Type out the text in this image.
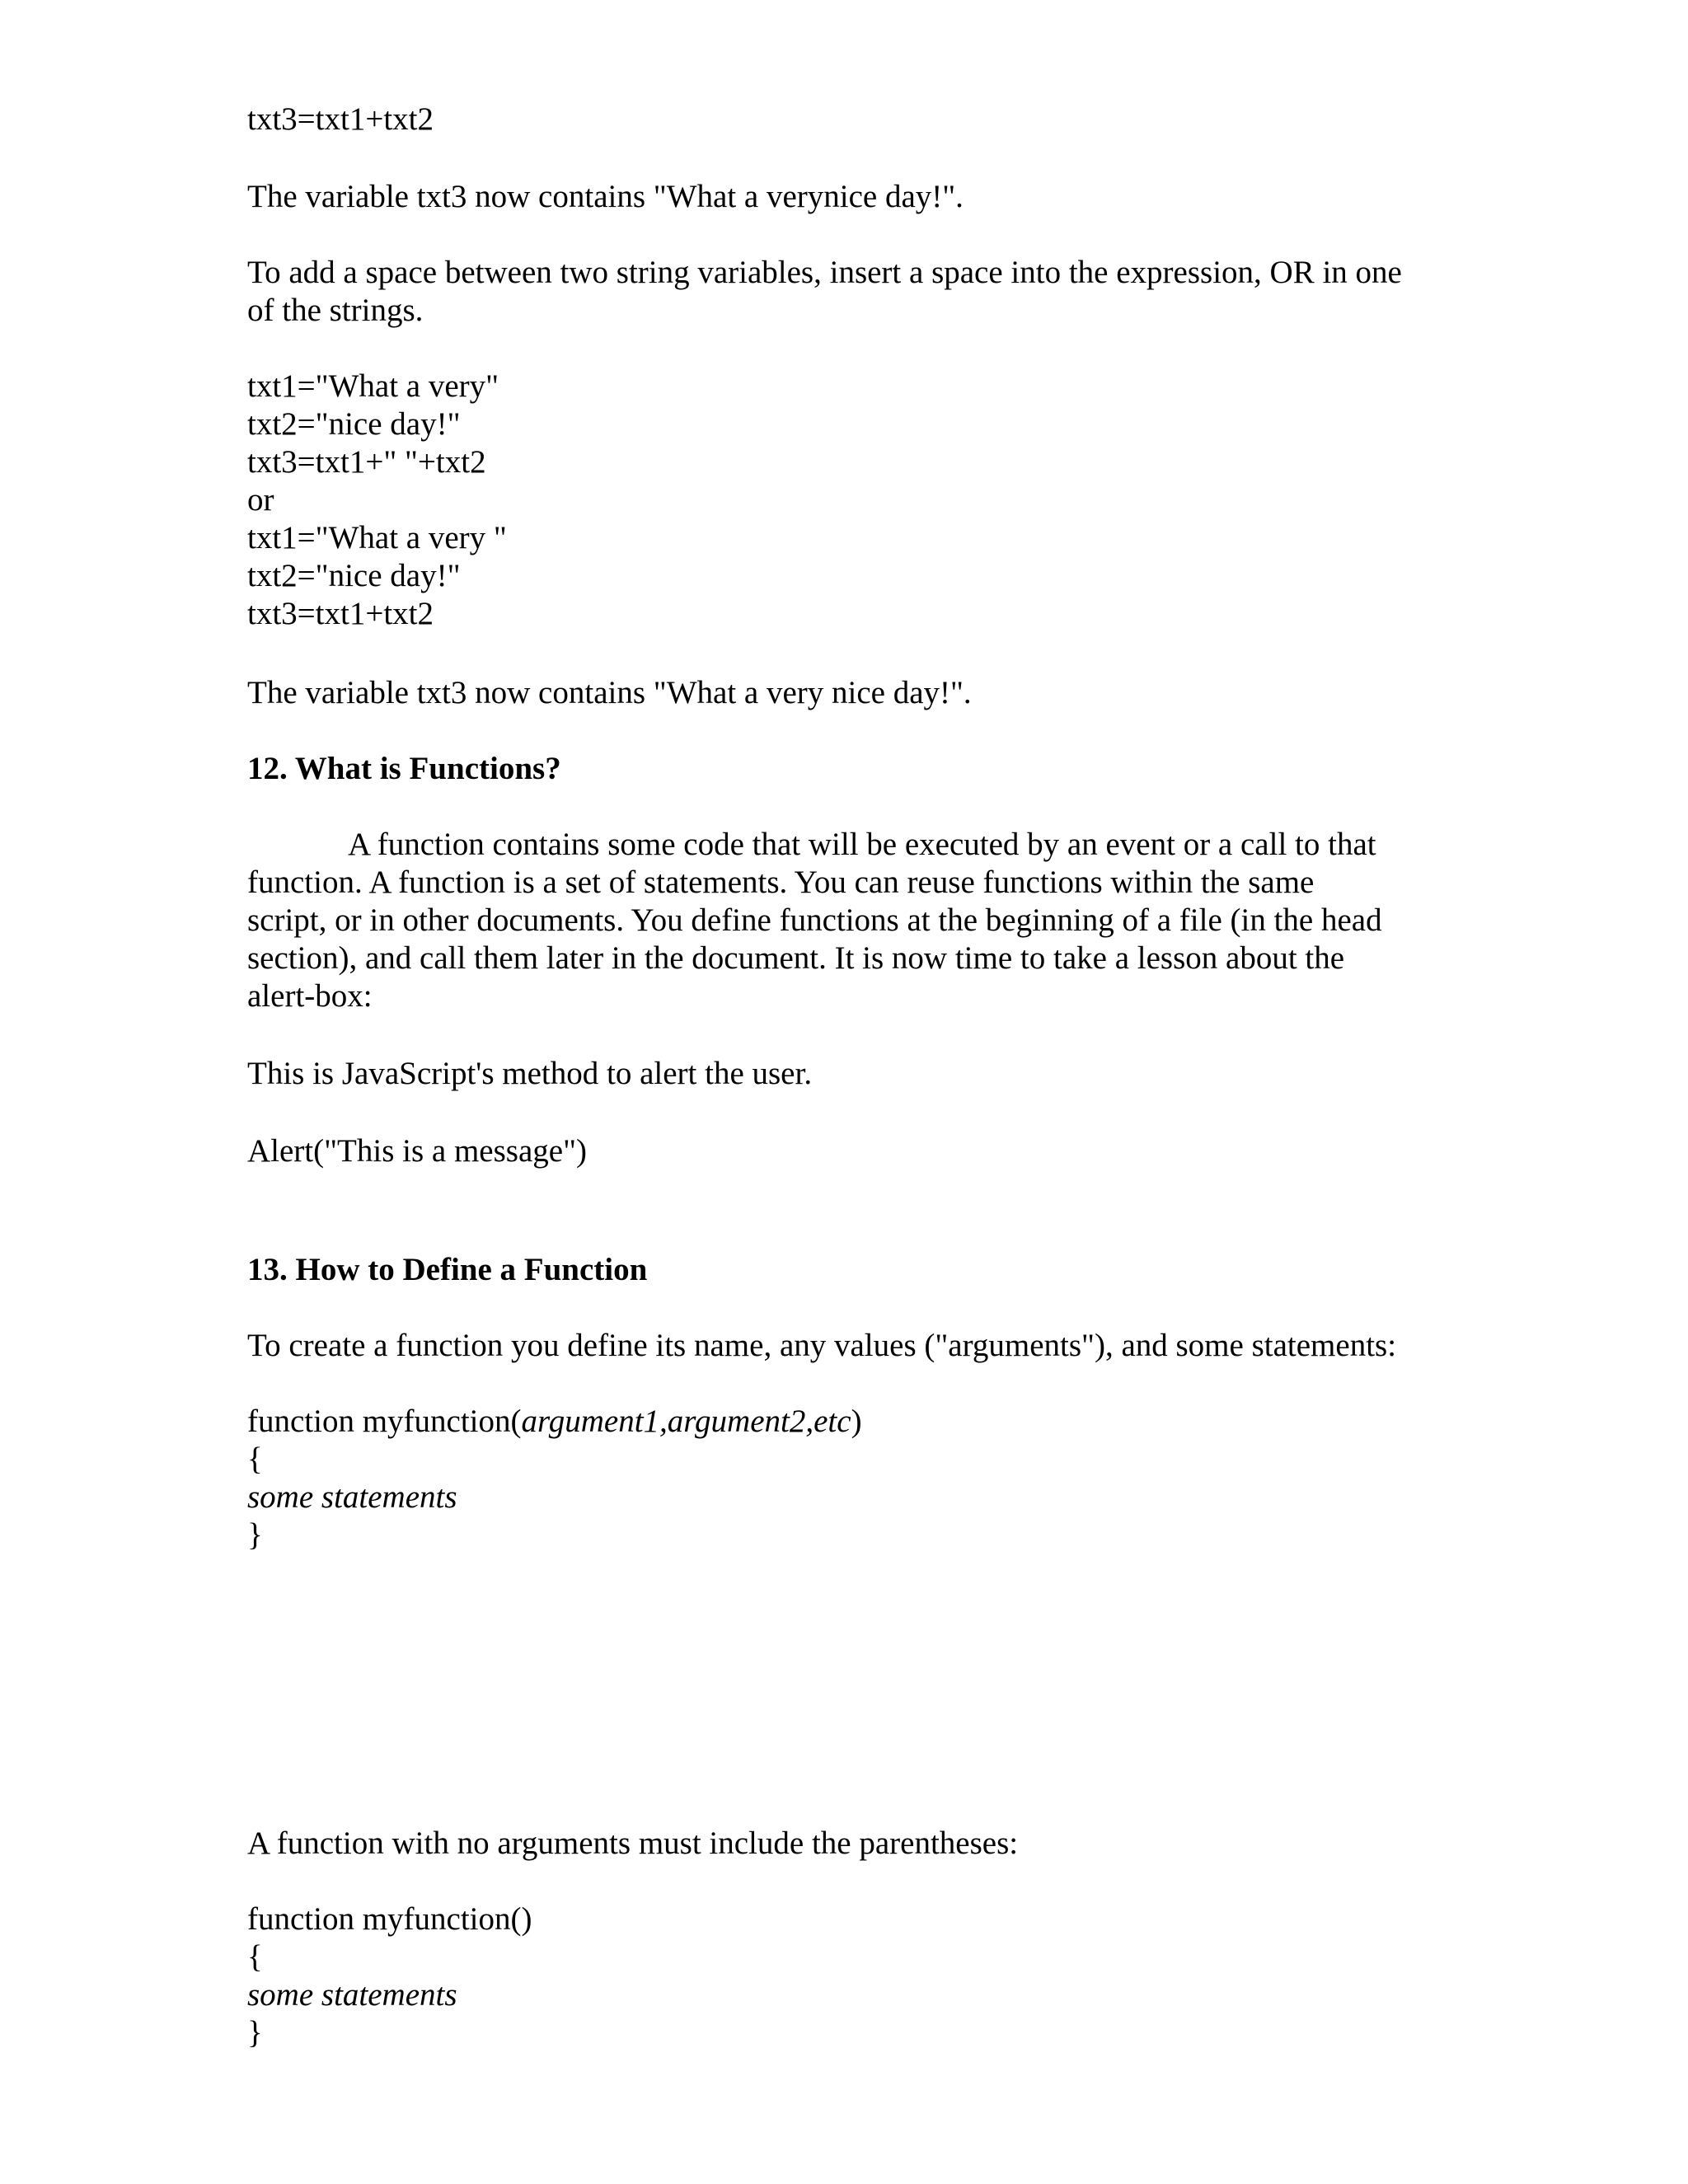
txt3=txt1+txt2
The variable txt3 now contains "What a verynice day!".
To add a space between two string variables, insert a space into the expression, OR in one
of the strings.
txt1="What a very"
txt2="nice day!"
txt3=txt1+" "+txt2
or
txt1="What a very "
txt2="nice day!"
txt3=txt1+txt2
The variable txt3 now contains "What a very nice day!".
12. What is Functions?
A function contains some code that will be executed by an event or a call to that
function. A function is a set of statements. You can reuse functions within the same
script, or in other documents. You define functions at the beginning of a file (in the head
section), and call them later in the document. It is now time to take a lesson about the
alert-box:
This is JavaScript's method to alert the user.
Alert("This is a message")
13. How to Define a Function
To create a function you define its name, any values ("arguments"), and some statements:
function myfunction(argument1,argument2,etc)
{
some statements
}
A function with no arguments must include the parentheses:
function myfunction()
{
some statements
}
